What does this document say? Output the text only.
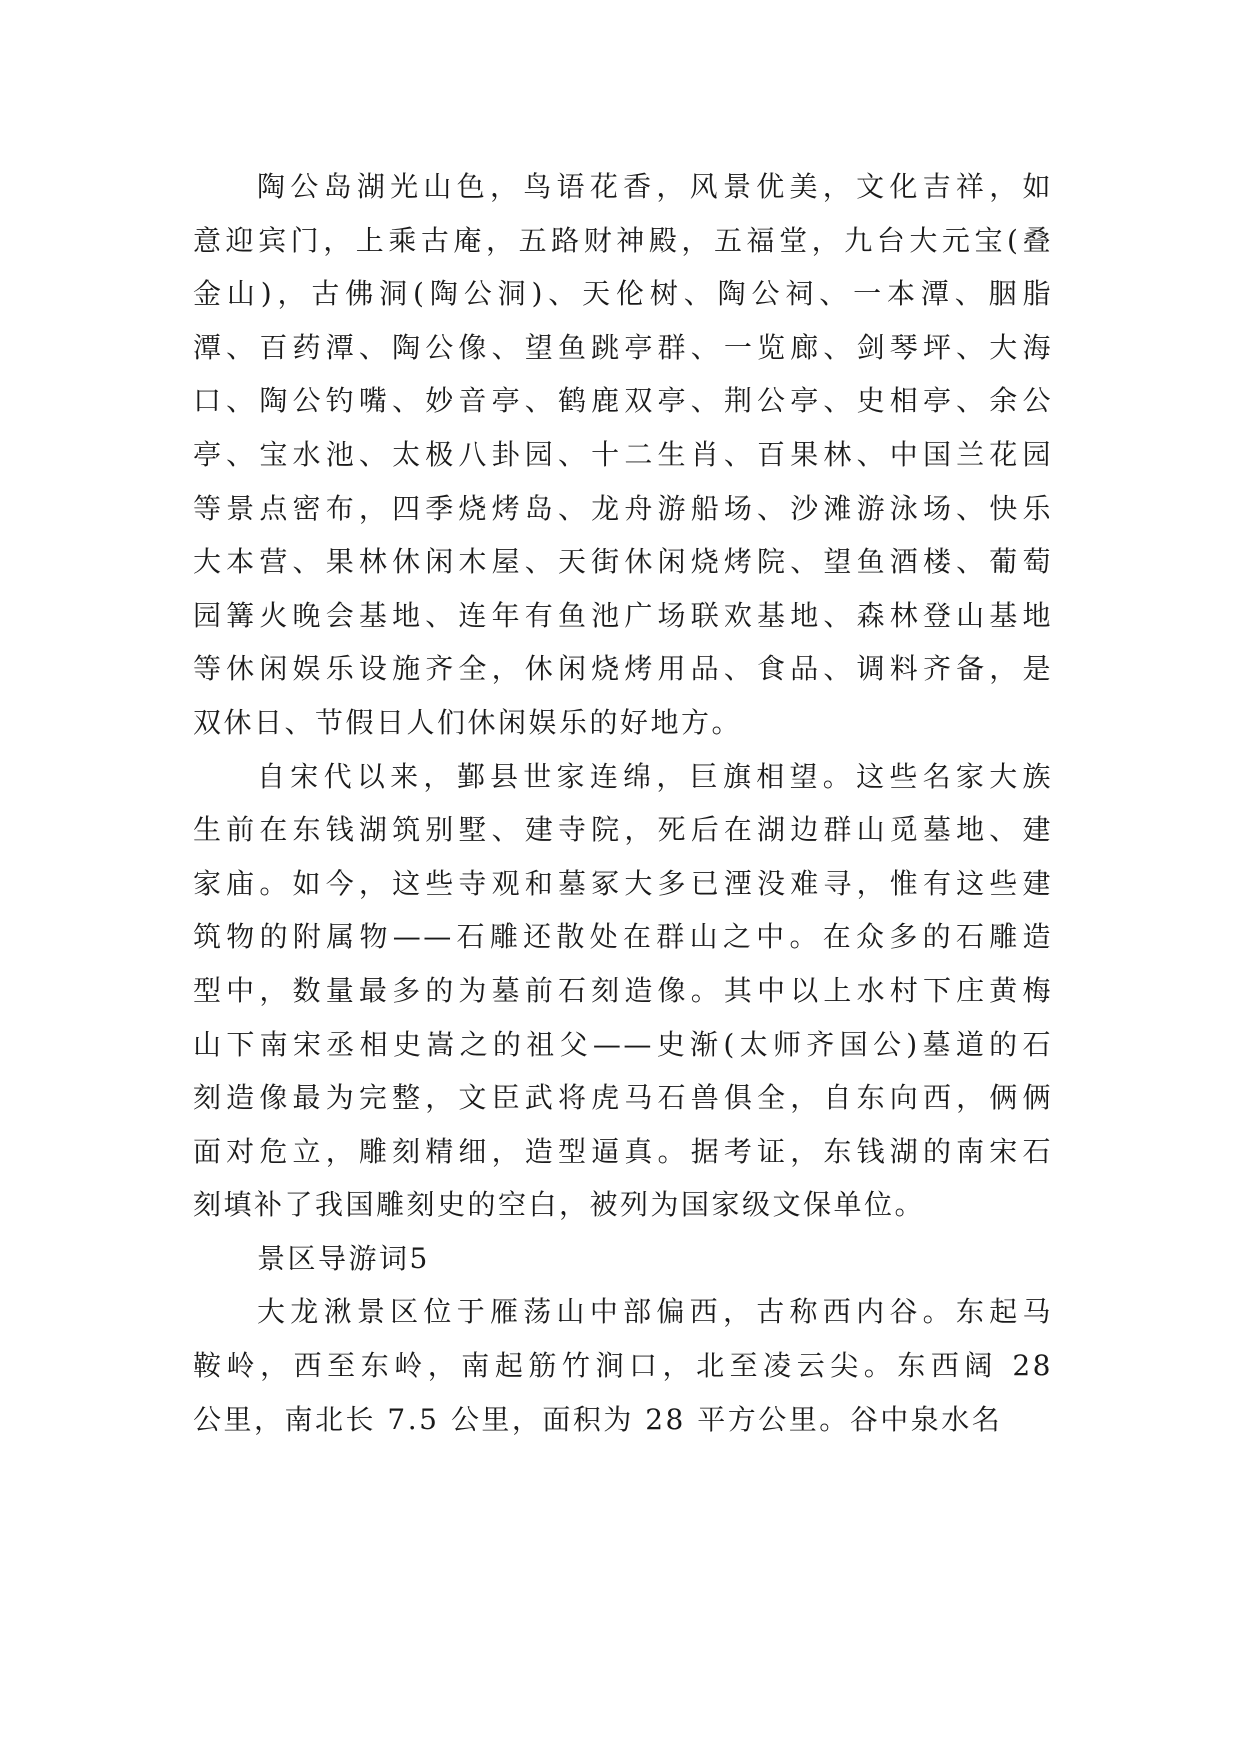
陶公岛湖光山色，鸟语花香，风景优美，文化吉祥，如
意迎宾门，上乘古庵，五路财神殿，五福堂，九台大元宝(叠
金山)，古佛洞(陶公洞)、天伦树、陶公祠、一本潭、胭脂
潭、百药潭、陶公像、望鱼跳亭群、一览廊、剑琴坪、大海
口、陶公钓嘴、妙音亭、鹤鹿双亭、荆公亭、史相亭、余公
亭、宝水池、太极八卦园、十二生肖、百果林、中国兰花园
等景点密布，四季烧烤岛、龙舟游船场、沙滩游泳场、快乐
大本营、果林休闲木屋、天街休闲烧烤院、望鱼酒楼、葡萄
园篝火晚会基地、连年有鱼池广场联欢基地、森林登山基地
等休闲娱乐设施齐全，休闲烧烤用品、食品、调料齐备，是
双休日、节假日人们休闲娱乐的好地方。
自宋代以来，鄞县世家连绵，巨旗相望。这些名家大族
生前在东钱湖筑别墅、建寺院，死后在湖边群山觅墓地、建
家庙。如今，这些寺观和墓冢大多已湮没难寻，惟有这些建
筑物的附属物——石雕还散处在群山之中。在众多的石雕造
型中，数量最多的为墓前石刻造像。其中以上水村下庄黄梅
山下南宋丞相史嵩之的祖父——史渐(太师齐国公)墓道的石
刻造像最为完整，文臣武将虎马石兽俱全，自东向西，俩俩
面对危立，雕刻精细，造型逼真。据考证，东钱湖的南宋石
刻填补了我国雕刻史的空白，被列为国家级文保单位。
景区导游词5
大龙湫景区位于雁荡山中部偏西，古称西内谷。东起马
鞍岭，西至东岭，南起筋竹涧口，北至凌云尖。东西阔 28
公里，南北长 7.5 公里，面积为 28 平方公里。谷中泉水名
